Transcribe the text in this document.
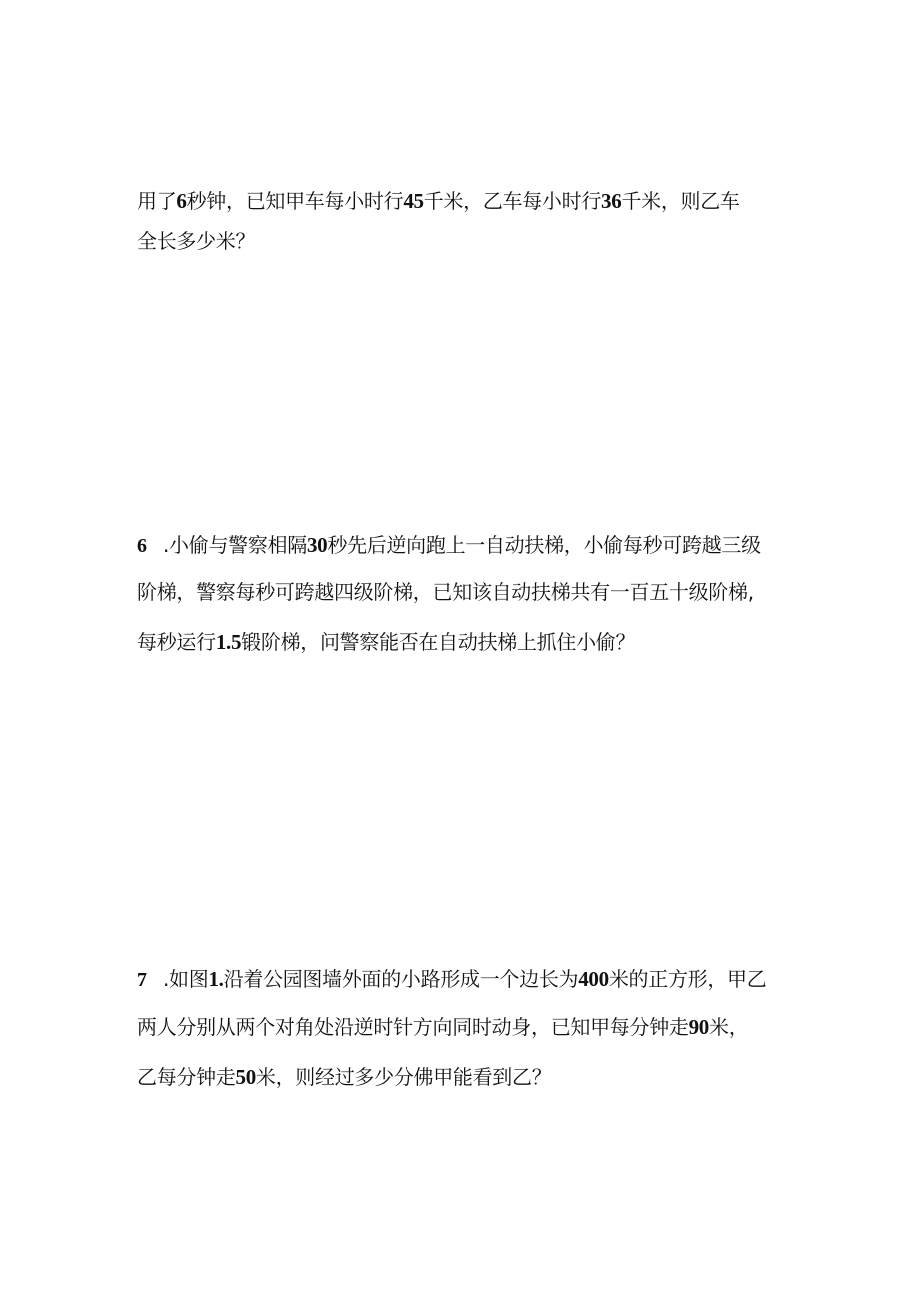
用了6秒钟，已知甲车每小时行45千米，乙车每小时行36千米，则乙车
全长多少米？
6 .小偷与警察相隔30秒先后逆向跑上一自动扶梯，小偷每秒可跨越三级
阶梯，警察每秒可跨越四级阶梯，已知该自动扶梯共有一百五十级阶梯,
每秒运行1.5锻阶梯，问警察能否在自动扶梯上抓住小偷？
7 .如图1.沿着公园图墙外面的小路形成一个边长为400米的正方形，甲乙
两人分别从两个对角处沿逆时针方向同时动身，已知甲每分钟走90米，
乙每分钟走50米，则经过多少分佛甲能看到乙？
